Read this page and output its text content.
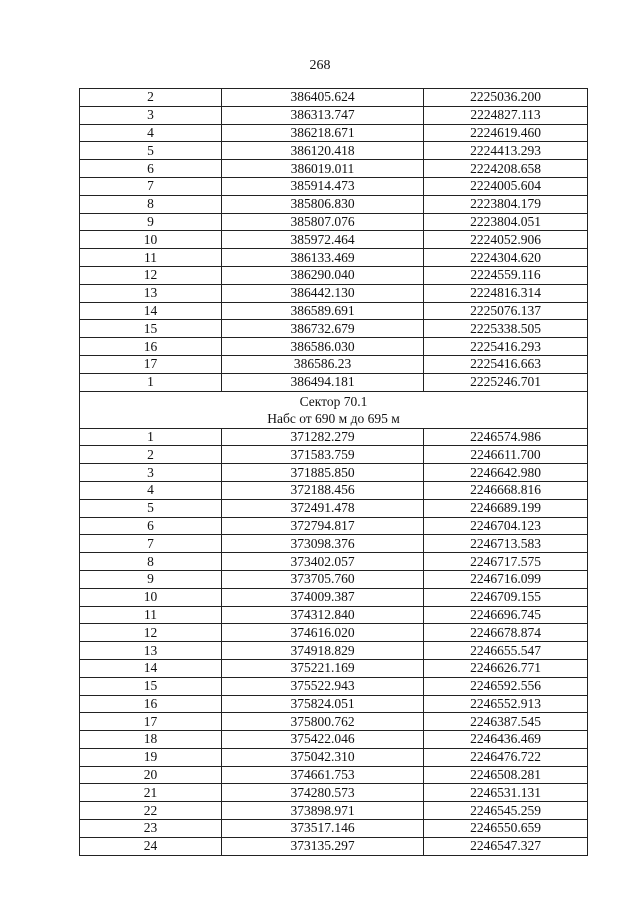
268
2	386405.624	2225036.200
3	386313.747	2224827.113
4	386218.671	2224619.460
5	386120.418	2224413.293
6	386019.011	2224208.658
7	385914.473	2224005.604
8	385806.830	2223804.179
9	385807.076	2223804.051
10	385972.464	2224052.906
11	386133.469	2224304.620
12	386290.040	2224559.116
13	386442.130	2224816.314
14	386589.691	2225076.137
15	386732.679	2225338.505
16	386586.030	2225416.293
17	386586.23	2225416.663
1	386494.181	2225246.701

Сектор 70.1
Набс от 690 м до 695 м		

1	371282.279	2246574.986
2	371583.759	2246611.700
3	371885.850	2246642.980
4	372188.456	2246668.816
5	372491.478	2246689.199
6	372794.817	2246704.123
7	373098.376	2246713.583
8	373402.057	2246717.575
9	373705.760	2246716.099
10	374009.387	2246709.155
11	374312.840	2246696.745
12	374616.020	2246678.874
13	374918.829	2246655.547
14	375221.169	2246626.771
15	375522.943	2246592.556
16	375824.051	2246552.913
17	375800.762	2246387.545
18	375422.046	2246436.469
19	375042.310	2246476.722
20	374661.753	2246508.281
21	374280.573	2246531.131
22	373898.971	2246545.259
23	373517.146	2246550.659
24	373135.297	2246547.327
